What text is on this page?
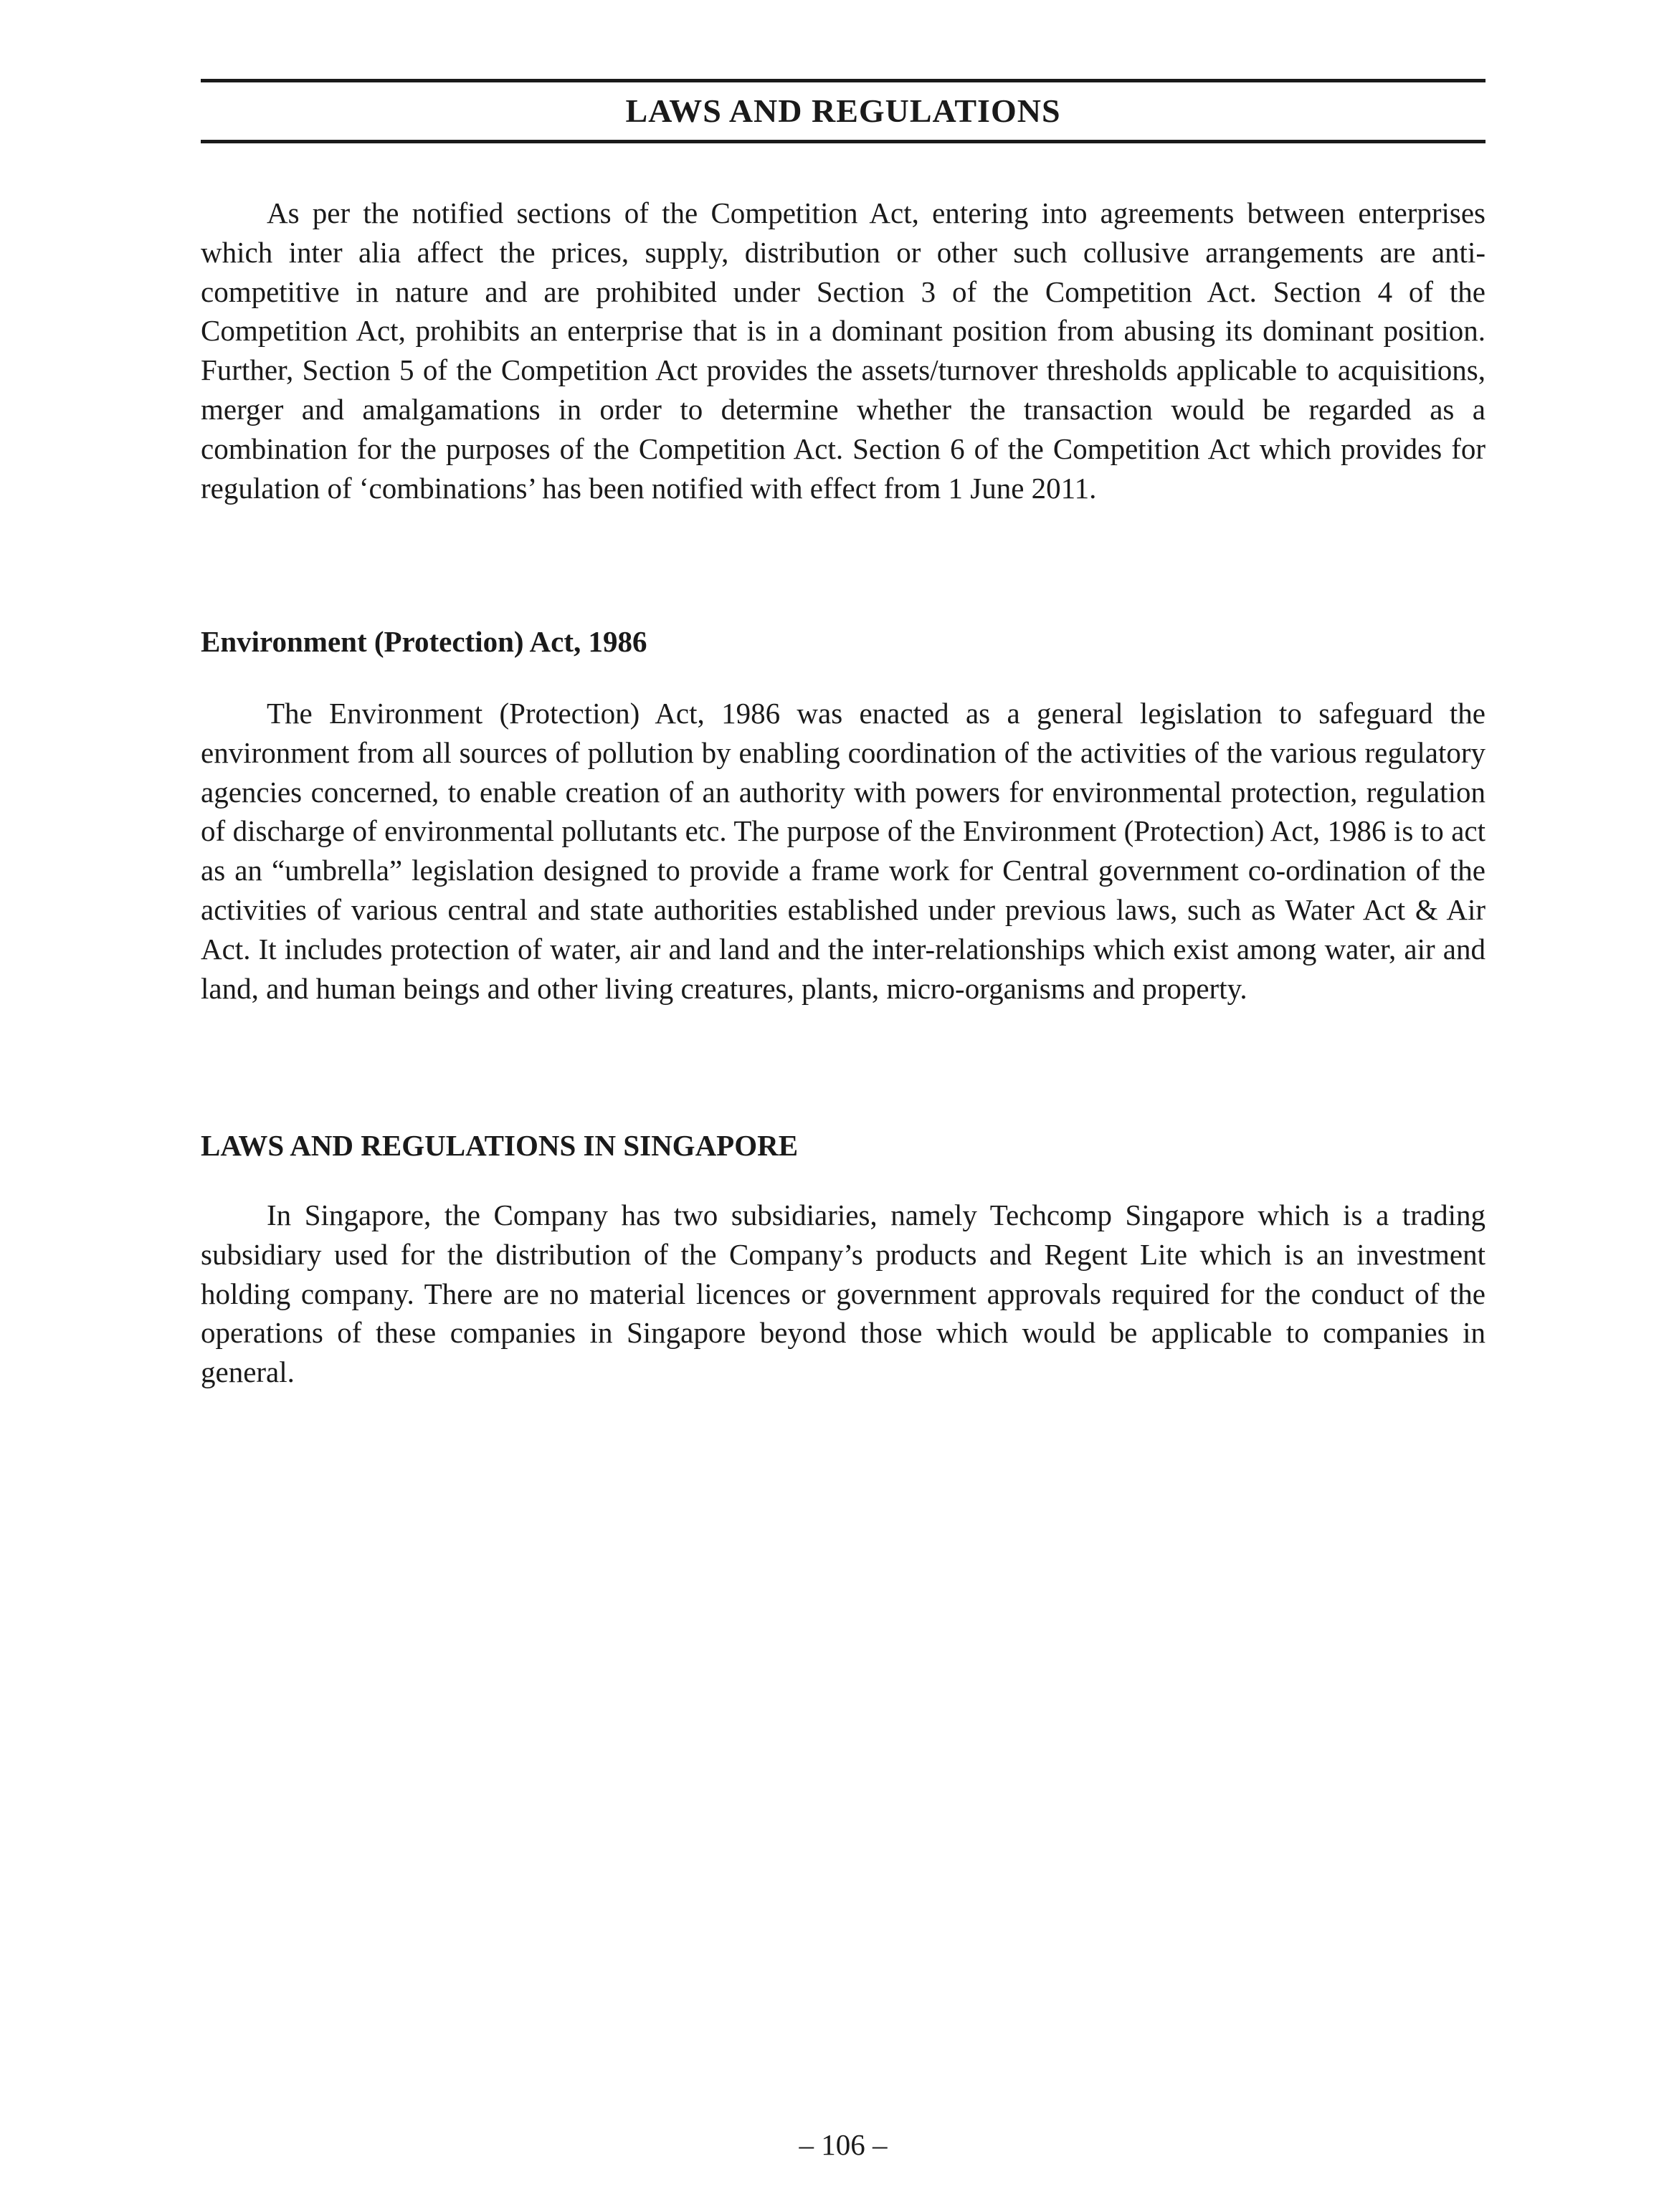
LAWS AND REGULATIONS

As per the notified sections of the Competition Act, entering into agreements between enterprises which inter alia affect the prices, supply, distribution or other such collusive arrangements are anti-competitive in nature and are prohibited under Section 3 of the Competition Act. Section 4 of the Competition Act, prohibits an enterprise that is in a dominant position from abusing its dominant position. Further, Section 5 of the Competition Act provides the assets/turnover thresholds applicable to acquisitions, merger and amalgamations in order to determine whether the transaction would be regarded as a combination for the purposes of the Competition Act. Section 6 of the Competition Act which provides for regulation of ‘combinations’ has been notified with effect from 1 June 2011.

Environment (Protection) Act, 1986

The Environment (Protection) Act, 1986 was enacted as a general legislation to safeguard the environment from all sources of pollution by enabling coordination of the activities of the various regulatory agencies concerned, to enable creation of an authority with powers for environmental protection, regulation of discharge of environmental pollutants etc. The purpose of the Environment (Protection) Act, 1986 is to act as an “umbrella” legislation designed to provide a frame work for Central government co-ordination of the activities of various central and state authorities established under previous laws, such as Water Act & Air Act. It includes protection of water, air and land and the inter-relationships which exist among water, air and land, and human beings and other living creatures, plants, micro-organisms and property.

LAWS AND REGULATIONS IN SINGAPORE

In Singapore, the Company has two subsidiaries, namely Techcomp Singapore which is a trading subsidiary used for the distribution of the Company’s products and Regent Lite which is an investment holding company. There are no material licences or government approvals required for the conduct of the operations of these companies in Singapore beyond those which would be applicable to companies in general.

– 106 –
